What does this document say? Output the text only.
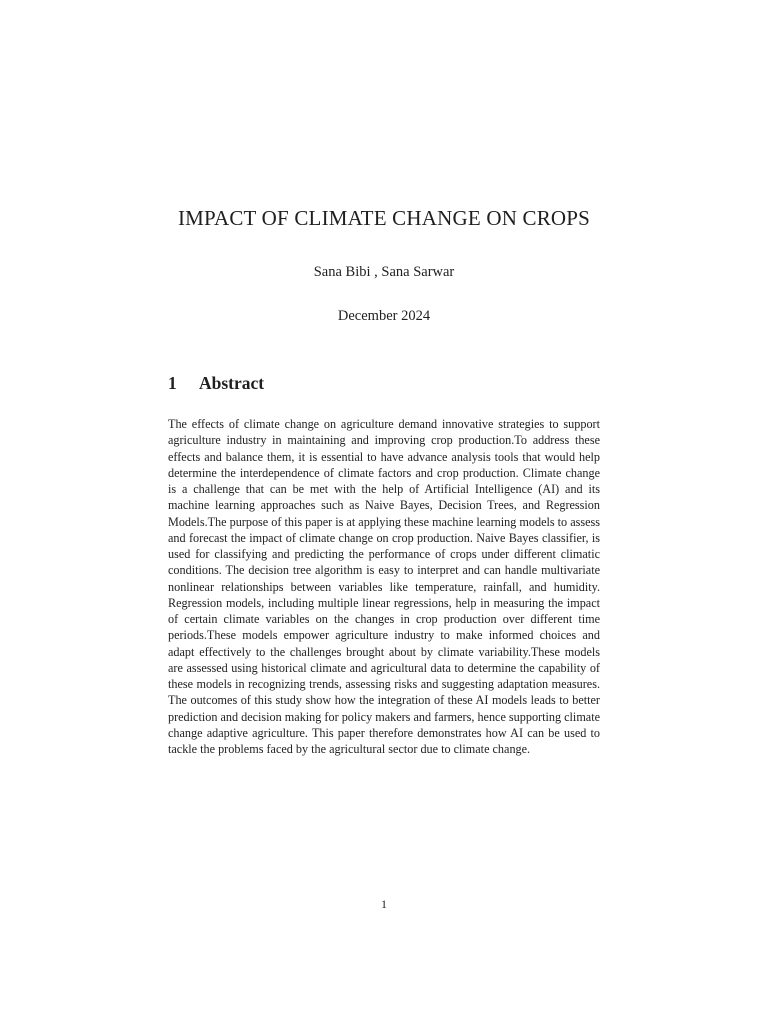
IMPACT OF CLIMATE CHANGE ON CROPS
Sana Bibi , Sana Sarwar
December 2024
1 Abstract

The effects of climate change on agriculture demand innovative strategies to support agriculture industry in maintaining and improving crop production.To address these effects and balance them, it is essential to have advance analysis tools that would help determine the interdependence of climate factors and crop production. Climate change is a challenge that can be met with the help of Artificial Intelligence (AI) and its machine learning approaches such as Naive Bayes, Decision Trees, and Regression Models.The purpose of this paper is at applying these machine learning models to assess and forecast the impact of climate change on crop production. Naive Bayes classifier, is used for classifying and predicting the performance of crops under different climatic conditions. The decision tree algorithm is easy to interpret and can handle multivariate nonlinear relationships between variables like temperature, rainfall, and humidity. Regression models, including multiple linear regressions, help in measuring the impact of certain climate variables on the changes in crop production over different time periods.These models empower agriculture industry to make informed choices and adapt effectively to the challenges brought about by climate variability.These models are assessed using historical climate and agricultural data to determine the capability of these models in recognizing trends, assessing risks and suggesting adaptation measures. The outcomes of this study show how the integration of these AI models leads to better prediction and decision making for policy makers and farmers, hence supporting climate change adaptive agriculture. This paper therefore demonstrates how AI can be used to tackle the problems faced by the agricultural sector due to climate change.

1
